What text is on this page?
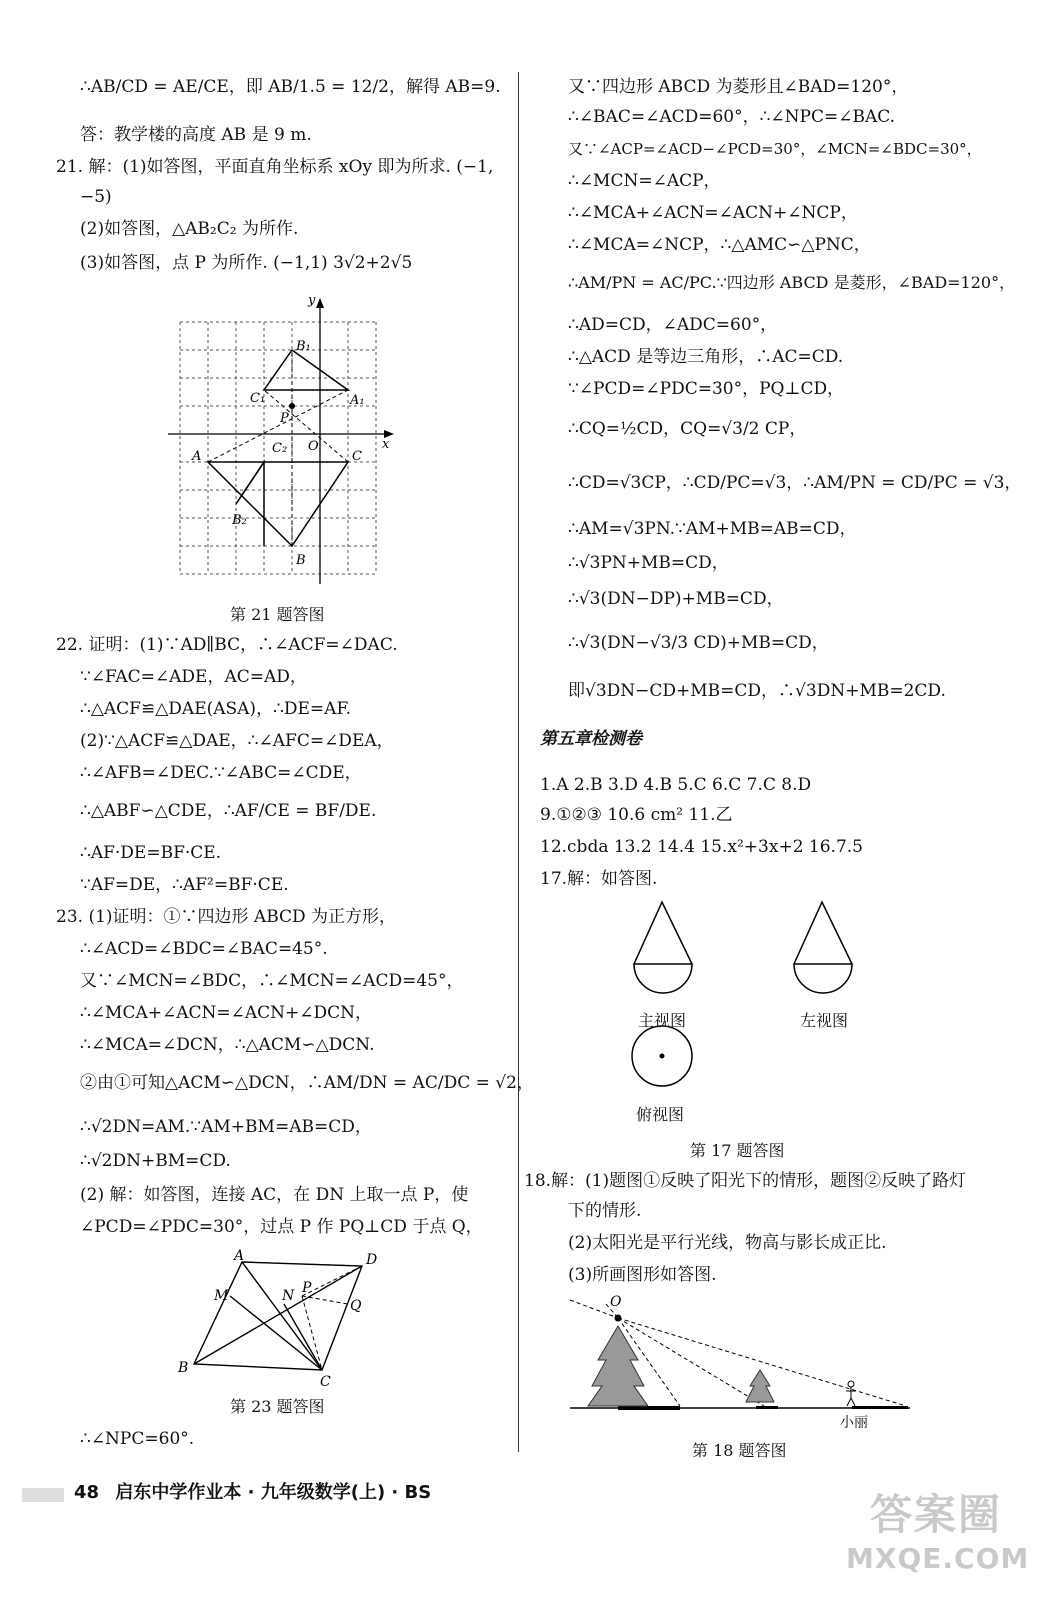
∴AB/CD = AE/CE，即 AB/1.5 = 12/2，解得 AB=9.
答：教学楼的高度 AB 是 9 m.
21. 解：(1)如答图，平面直角坐标系 xOy 即为所求. (−1,
−5)
(2)如答图，△AB₂C₂ 为所作.
(3)如答图，点 P 为所作. (−1,1) 3√2+2√5
y
x
B₁
C₁	A₁
P
A
C₂ O
C
B₂
B
第 21 题答图
22. 证明：(1)∵AD∥BC，∴∠ACF=∠DAC.
∵∠FAC=∠ADE，AC=AD，
∴△ACF≌△DAE(ASA)，∴DE=AF.
(2)∵△ACF≌△DAE，∴∠AFC=∠DEA，
∴∠AFB=∠DEC.∵∠ABC=∠CDE，
∴△ABF∽△CDE，∴AF/CE = BF/DE.
∴AF·DE=BF·CE.
∵AF=DE，∴AF²=BF·CE.
23. (1)证明：①∵四边形 ABCD 为正方形，
∴∠ACD=∠BDC=∠BAC=45°.
又∵∠MCN=∠BDC，∴∠MCN=∠ACD=45°，
∴∠MCA+∠ACN=∠ACN+∠DCN，
∴∠MCA=∠DCN，∴△ACM∽△DCN.
②由①可知△ACM∽△DCN，∴AM/DN = AC/DC = √2，
∴√2DN=AM.∵AM+BM=AB=CD，
∴√2DN+BM=CD.
(2) 解：如答图，连接 AC，在 DN 上取一点 P，使
∠PCD=∠PDC=30°，过点 P 作 PQ⊥CD 于点 Q，
A	D
M	N P
Q
B
C
第 23 题答图
∴∠NPC=60°.
又∵四边形 ABCD 为菱形且∠BAD=120°，
∴∠BAC=∠ACD=60°，∴∠NPC=∠BAC.
又∵∠ACP=∠ACD−∠PCD=30°，∠MCN=∠BDC=30°，
∴∠MCN=∠ACP，
∴∠MCA+∠ACN=∠ACN+∠NCP，
∴∠MCA=∠NCP，∴△AMC∽△PNC，
∴AM/PN = AC/PC.∵四边形 ABCD 是菱形，∠BAD=120°，
∴AD=CD，∠ADC=60°，
∴△ACD 是等边三角形，∴AC=CD.
∵∠PCD=∠PDC=30°，PQ⊥CD，
∴CQ=½CD，CQ=√3/2 CP，
∴CD=√3CP，∴CD/PC=√3，∴AM/PN = CD/PC = √3，
∴AM=√3PN.∵AM+MB=AB=CD，
∴√3PN+MB=CD，
∴√3(DN−DP)+MB=CD，
∴√3(DN−√3/3 CD)+MB=CD，
即√3DN−CD+MB=CD，∴√3DN+MB=2CD.
第五章检测卷
1.A 2.B 3.D 4.B 5.C 6.C 7.C 8.D
9.①②③ 10.6 cm² 11.乙
12.cbda 13.2 14.4 15.x²+3x+2 16.7.5
17.解：如答图.
主视图	左视图
俯视图
第 17 题答图
18.解：(1)题图①反映了阳光下的情形，题图②反映了路灯
下的情形.
(2)太阳光是平行光线，物高与影长成正比.
(3)所画图形如答图.
O
小丽
第 18 题答图
48 启东中学作业本 · 九年级数学(上) · BS	答案圈
MXQE.COM
